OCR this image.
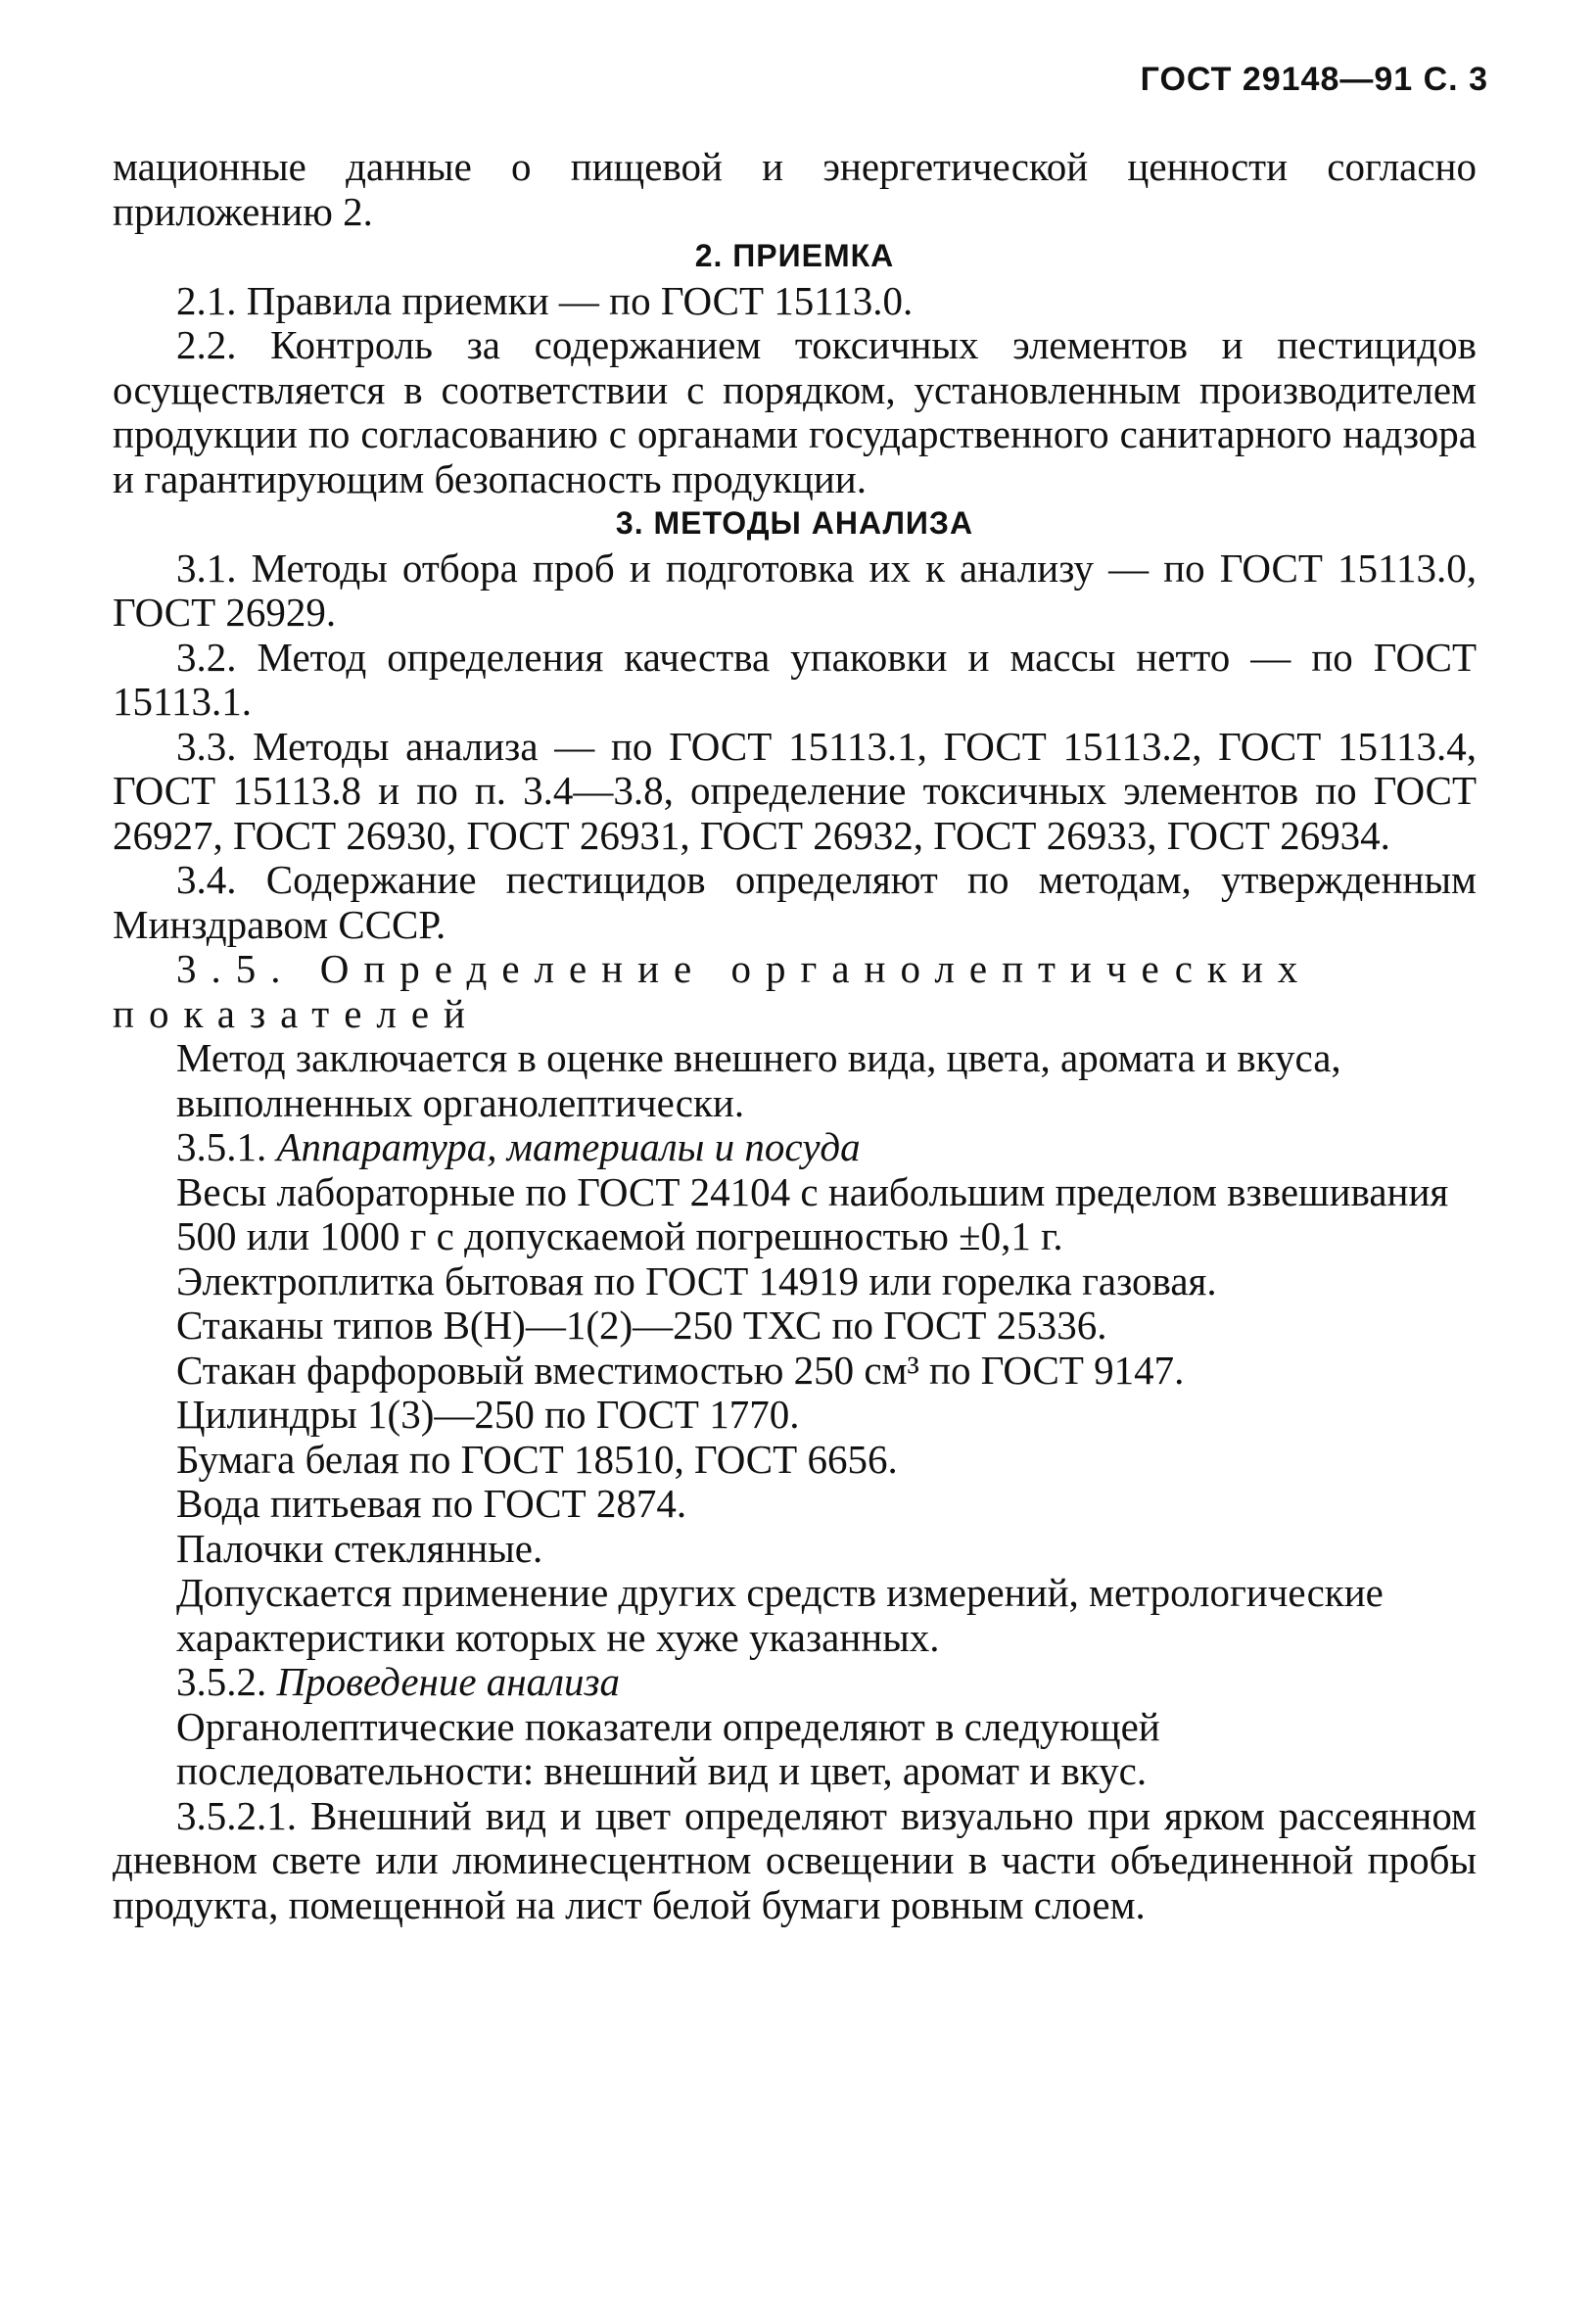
ГОСТ 29148—91 С. 3

мационные данные о пищевой и энергетической ценности согласно приложению 2.

2. ПРИЕМКА

2.1. Правила приемки — по ГОСТ 15113.0.

2.2. Контроль за содержанием токсичных элементов и пестицидов осуществляется в соответствии с порядком, установленным производителем продукции по согласованию с органами государственного санитарного надзора и гарантирующим безопасность продукции.

3. МЕТОДЫ АНАЛИЗА

3.1. Методы отбора проб и подготовка их к анализу — по ГОСТ 15113.0, ГОСТ 26929.

3.2. Метод определения качества упаковки и массы нетто — по ГОСТ 15113.1.

3.3. Методы анализа — по ГОСТ 15113.1, ГОСТ 15113.2, ГОСТ 15113.4, ГОСТ 15113.8 и по п. 3.4—3.8, определение токсичных элементов по ГОСТ 26927, ГОСТ 26930, ГОСТ 26931, ГОСТ 26932, ГОСТ 26933, ГОСТ 26934.

3.4. Содержание пестицидов определяют по методам, утвержденным Минздравом СССР.

3.5. Определение органолептических показателей

Метод заключается в оценке внешнего вида, цвета, аромата и вкуса, выполненных органолептически.

3.5.1. Аппаратура, материалы и посуда

Весы лабораторные по ГОСТ 24104 с наибольшим пределом взвешивания 500 или 1000 г с допускаемой погрешностью ±0,1 г.

Электроплитка бытовая по ГОСТ 14919 или горелка газовая.

Стаканы типов В(Н)—1(2)—250 ТХС по ГОСТ 25336.

Стакан фарфоровый вместимостью 250 см³ по ГОСТ 9147.

Цилиндры 1(3)—250 по ГОСТ 1770.

Бумага белая по ГОСТ 18510, ГОСТ 6656.

Вода питьевая по ГОСТ 2874.

Палочки стеклянные.

Допускается применение других средств измерений, метрологические характеристики которых не хуже указанных.

3.5.2. Проведение анализа

Органолептические показатели определяют в следующей последовательности: внешний вид и цвет, аромат и вкус.

3.5.2.1. Внешний вид и цвет определяют визуально при ярком рассеянном дневном свете или люминесцентном освещении в части объединенной пробы продукта, помещенной на лист белой бумаги ровным слоем.
